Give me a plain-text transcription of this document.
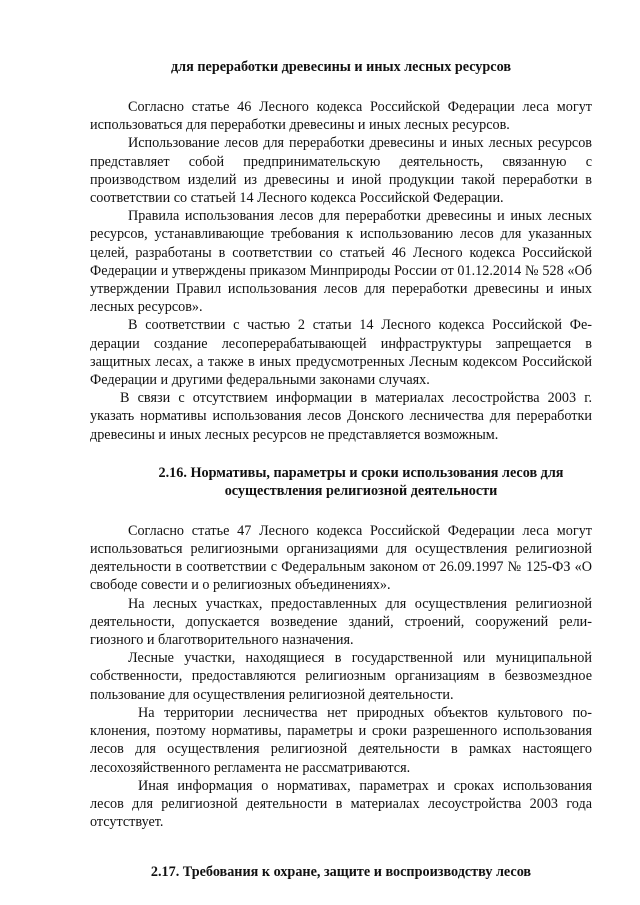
для переработки древесины и иных лесных ресурсов

Согласно статье 46 Лесного кодекса Российской Федерации леса могут использоваться для переработки древесины и иных лесных ресурсов.

Использование лесов для переработки древесины и иных лесных ресурсов представляет собой предпринимательскую деятельность, связанную с производством изделий из древесины и иной продукции такой переработки в соответствии со статьей 14 Лесного кодекса Российской Федерации.

Правила использования лесов для переработки древесины и иных лесных ресурсов, устанавливающие требования к использованию лесов для указанных целей, разработаны в соответствии со статьей 46 Лесного кодекса Российской Федерации и утверждены приказом Минприроды России от 01.12.2014 № 528 «Об утверждении Правил использования лесов для переработки древесины и иных лесных ресурсов».

В соответствии с частью 2 статьи 14 Лесного кодекса Российской Федерации создание лесоперерабатывающей инфраструктуры запрещается в защитных лесах, а также в иных предусмотренных Лесным кодексом Российской Федерации и другими федеральными законами случаях.

В связи с отсутствием информации в материалах лесостройства 2003 г. указать нормативы использования лесов Донского лесничества для переработки древесины и иных лесных ресурсов не представляется возможным.

2.16. Нормативы, параметры и сроки использования лесов для осуществления религиозной деятельности

Согласно статье 47 Лесного кодекса Российской Федерации леса могут использоваться религиозными организациями для осуществления религиозной деятельности в соответствии с Федеральным законом от 26.09.1997 № 125-ФЗ «О свободе совести и о религиозных объединениях».

На лесных участках, предоставленных для осуществления религиозной деятельности, допускается возведение зданий, строений, сооружений религиозного и благотворительного назначения.

Лесные участки, находящиеся в государственной или муниципальной собственности, предоставляются религиозным организациям в безвозмездное пользование для осуществления религиозной деятельности.

На территории лесничества нет природных объектов культового поклонения, поэтому нормативы, параметры и сроки разрешенного использования лесов для осуществления религиозной деятельности в рамках настоящего лесохозяйственного регламента не рассматриваются.

Иная информация о нормативах, параметрах и сроках использования лесов для религиозной деятельности в материалах лесоустройства 2003 года отсутствует.

2.17. Требования к охране, защите и воспроизводству лесов
